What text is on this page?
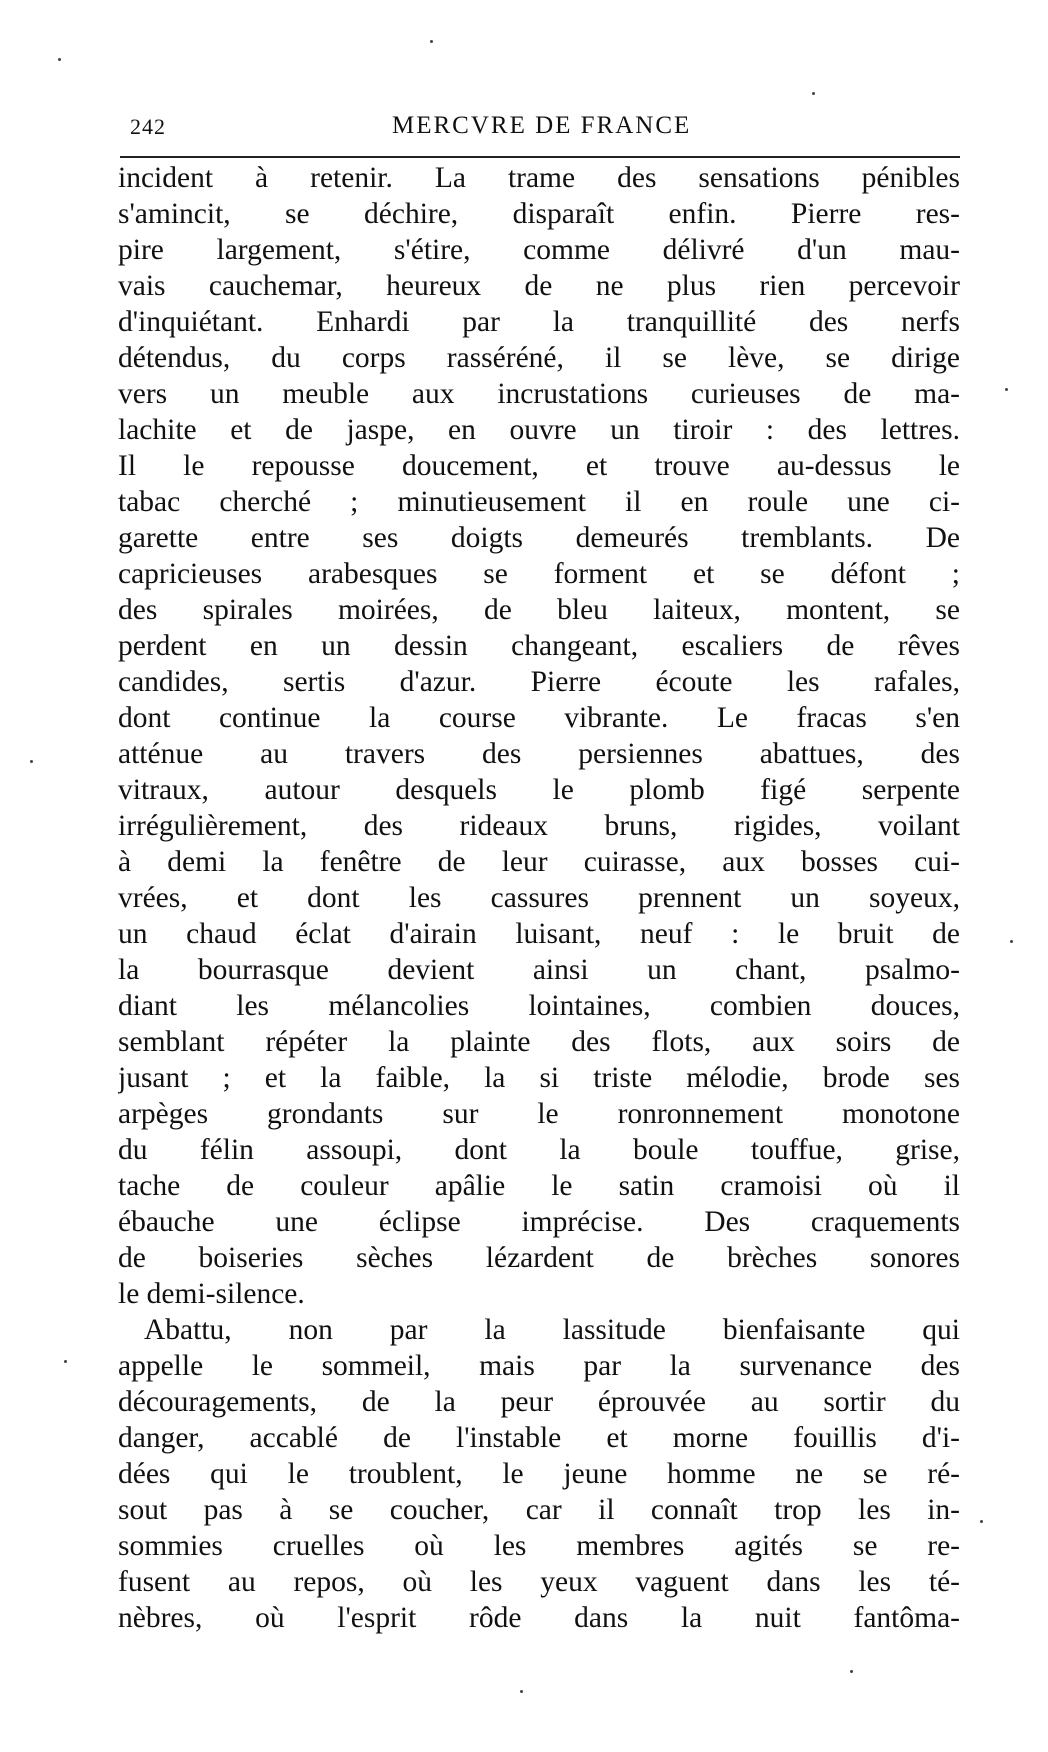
242	MERCVRE DE FRANCE
incident à retenir. La trame des sensations pénibles
s'amincit, se déchire, disparaît enfin. Pierre res-
pire largement, s'étire, comme délivré d'un mau-
vais cauchemar, heureux de ne plus rien percevoir
d'inquiétant. Enhardi par la tranquillité des nerfs
détendus, du corps rasséréné, il se lève, se dirige
vers un meuble aux incrustations curieuses de ma-
lachite et de jaspe, en ouvre un tiroir : des lettres.
Il le repousse doucement, et trouve au-dessus le
tabac cherché ; minutieusement il en roule une ci-
garette entre ses doigts demeurés tremblants. De
capricieuses arabesques se forment et se défont ;
des spirales moirées, de bleu laiteux, montent, se
perdent en un dessin changeant, escaliers de rêves
candides, sertis d'azur. Pierre écoute les rafales,
dont continue la course vibrante. Le fracas s'en
atténue au travers des persiennes abattues, des
vitraux, autour desquels le plomb figé serpente
irrégulièrement, des rideaux bruns, rigides, voilant
à demi la fenêtre de leur cuirasse, aux bosses cui-
vrées, et dont les cassures prennent un soyeux,
un chaud éclat d'airain luisant, neuf : le bruit de
la bourrasque devient ainsi un chant, psalmo-
diant les mélancolies lointaines, combien douces,
semblant répéter la plainte des flots, aux soirs de
jusant ; et la faible, la si triste mélodie, brode ses
arpèges grondants sur le ronronnement monotone
du félin assoupi, dont la boule touffue, grise,
tache de couleur apâlie le satin cramoisi où il
ébauche une éclipse imprécise. Des craquements
de boiseries sèches lézardent de brèches sonores
le demi-silence.
Abattu, non par la lassitude bienfaisante qui
appelle le sommeil, mais par la survenance des
découragements, de la peur éprouvée au sortir du
danger, accablé de l'instable et morne fouillis d'i-
dées qui le troublent, le jeune homme ne se ré-
sout pas à se coucher, car il connaît trop les in-
sommies cruelles où les membres agités se re-
fusent au repos, où les yeux vaguent dans les té-
nèbres, où l'esprit rôde dans la nuit fantôma-
